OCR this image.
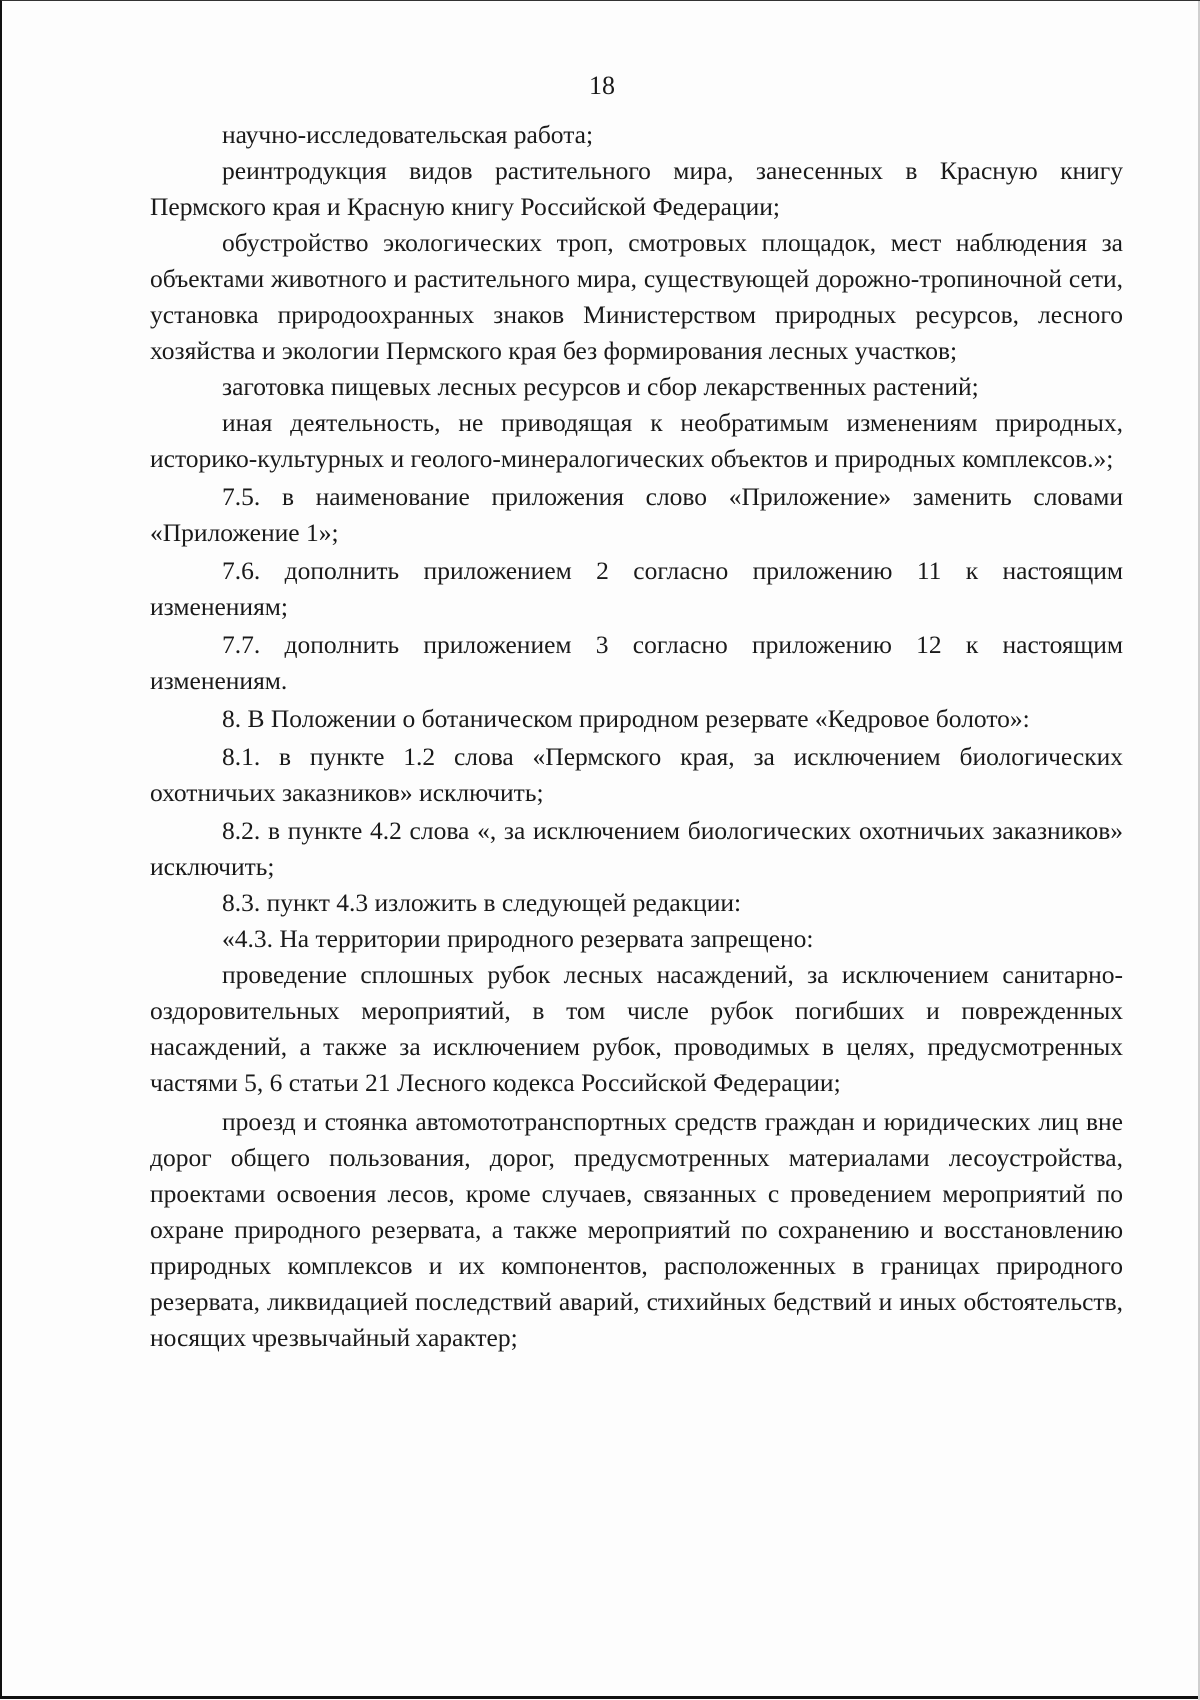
18

научно-исследовательская работа;

реинтродукция видов растительного мира, занесенных в Красную книгу Пермского края и Красную книгу Российской Федерации;

обустройство экологических троп, смотровых площадок, мест наблюдения за объектами животного и растительного мира, существующей дорожно-тропиночной сети, установка природоохранных знаков Министерством природных ресурсов, лесного хозяйства и экологии Пермского края без формирования лесных участков;

заготовка пищевых лесных ресурсов и сбор лекарственных растений;

иная деятельность, не приводящая к необратимым изменениям природных, историко-культурных и геолого-минералогических объектов и природных комплексов.»;

7.5. в наименование приложения слово «Приложение» заменить словами «Приложение 1»;

7.6. дополнить приложением 2 согласно приложению 11 к настоящим изменениям;

7.7. дополнить приложением 3 согласно приложению 12 к настоящим изменениям.

8. В Положении о ботаническом природном резервате «Кедровое болото»:

8.1. в пункте 1.2 слова «Пермского края, за исключением биологических охотничьих заказников» исключить;

8.2. в пункте 4.2 слова «, за исключением биологических охотничьих заказников» исключить;

8.3. пункт 4.3 изложить в следующей редакции:

«4.3. На территории природного резервата запрещено:

проведение сплошных рубок лесных насаждений, за исключением санитарно-оздоровительных мероприятий, в том числе рубок погибших и поврежденных насаждений, а также за исключением рубок, проводимых в целях, предусмотренных частями 5, 6 статьи 21 Лесного кодекса Российской Федерации;

проезд и стоянка автомототранспортных средств граждан и юридических лиц вне дорог общего пользования, дорог, предусмотренных материалами лесоустройства, проектами освоения лесов, кроме случаев, связанных с проведением мероприятий по охране природного резервата, а также мероприятий по сохранению и восстановлению природных комплексов и их компонентов, расположенных в границах природного резервата, ликвидацией последствий аварий, стихийных бедствий и иных обстоятельств, носящих чрезвычайный характер;
